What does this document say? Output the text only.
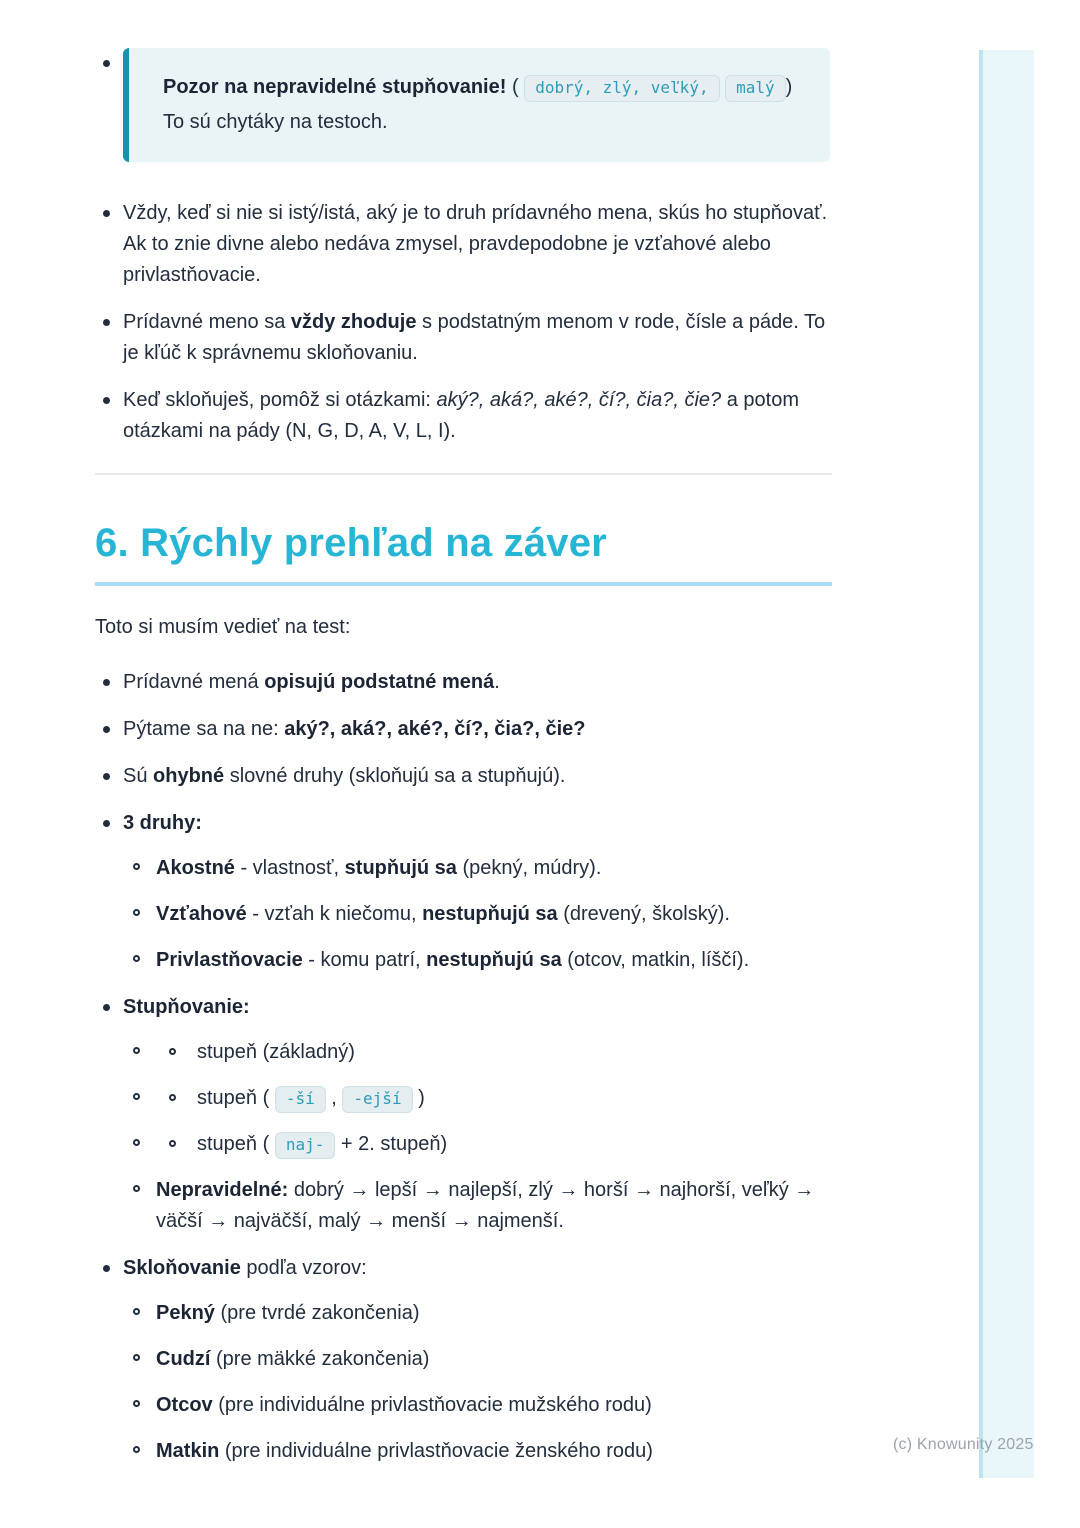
Pozor na nepravidelné stupňovanie! ( dobrý, zlý, veľký, malý ) To sú chytáky na testoch.
Vždy, keď si nie si istý/istá, aký je to druh prídavného mena, skús ho stupňovať. Ak to znie divne alebo nedáva zmysel, pravdepodobne je vzťahové alebo privlastňovacie.
Prídavné meno sa vždy zhoduje s podstatným menom v rode, čísle a páde. To je kľúč k správnemu skloňovaniu.
Keď skloňuješ, pomôž si otázkami: aký?, aká?, aké?, čí?, čia?, čie? a potom otázkami na pády (N, G, D, A, V, L, I).
6. Rýchly prehľad na záver

Toto si musím vedieť na test:

Prídavné mená opisujú podstatné mená.
Pýtame sa na ne: aký?, aká?, aké?, čí?, čia?, čie?
Sú ohybné slovné druhy (skloňujú sa a stupňujú).
3 druhy:
Akostné - vlastnosť, stupňujú sa (pekný, múdry).
Vzťahové - vzťah k niečomu, nestupňujú sa (drevený, školský).
Privlastňovacie - komu patrí, nestupňujú sa (otcov, matkin, líščí).
Stupňovanie:
stupeň (základný)
stupeň ( -ší , -ejší )
stupeň ( naj- + 2. stupeň)
Nepravidelné: dobrý → lepší → najlepší, zlý → horší → najhorší, veľký → väčší → najväčší, malý → menší → najmenší.
Skloňovanie podľa vzorov:
Pekný (pre tvrdé zakončenia)
Cudzí (pre mäkké zakončenia)
Otcov (pre individuálne privlastňovacie mužského rodu)
Matkin (pre individuálne privlastňovacie ženského rodu)	(c) Knowunity 2025
